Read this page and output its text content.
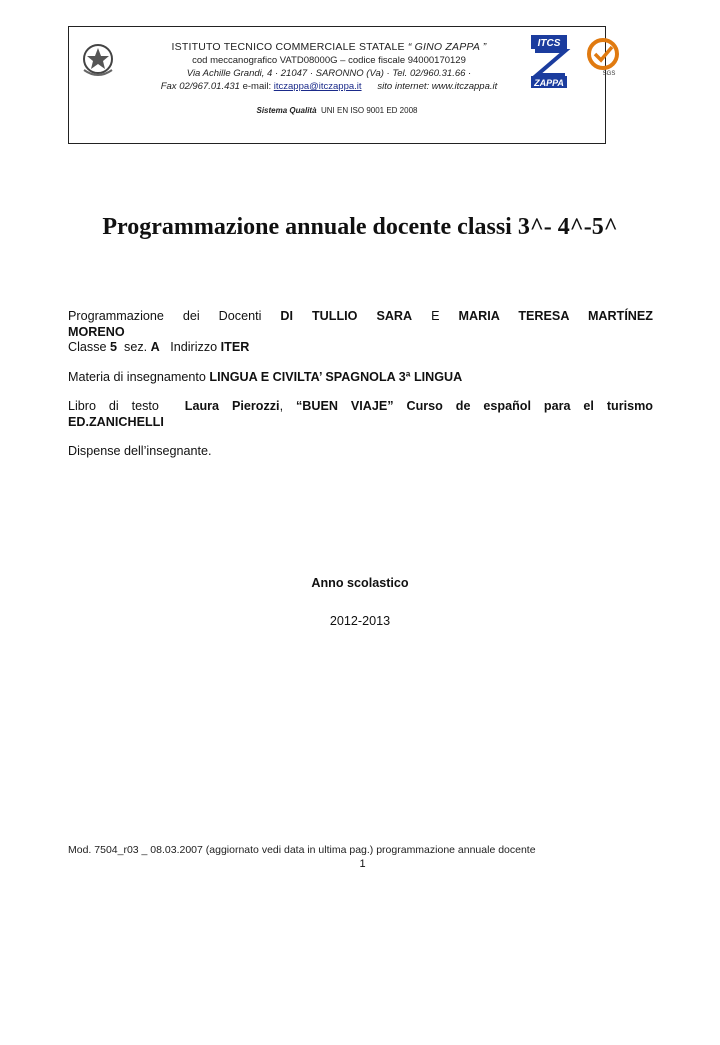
ISTITUTO TECNICO COMMERCIALE STATALE “ GINO ZAPPA ”
cod meccanografico VATD08000G – codice fiscale 94000170129
Via Achille Grandi, 4 · 21047 · SARONNO (Va) · Tel. 02/960.31.66 ·
Fax 02/967.01.431 e-mail: itczappa@itczappa.it sito internet: www.itczappa.it
ITCS
ZAPPA
SGS
Sistema Qualità UNI EN ISO 9001 ED 2008
Programmazione annuale docente classi 3^- 4^-5^

Programmazione dei Docenti DI TULLIO SARA E MARIA TERESA MARTÍNEZ

MORENO

Classe 5 sez. A Indirizzo ITER

Materia di insegnamento LINGUA E CIVILTA’ SPAGNOLA 3ª LINGUA

Libro di testo Laura Pierozzi, “BUEN VIAJE” Curso de español para el turismo

ED.ZANICHELLI

Dispense dell’insegnante.

Anno scolastico
2012-2013
Mod. 7504_r03 _ 08.03.2007 (aggiornato vedi data in ultima pag.) programmazione annuale docente
1
